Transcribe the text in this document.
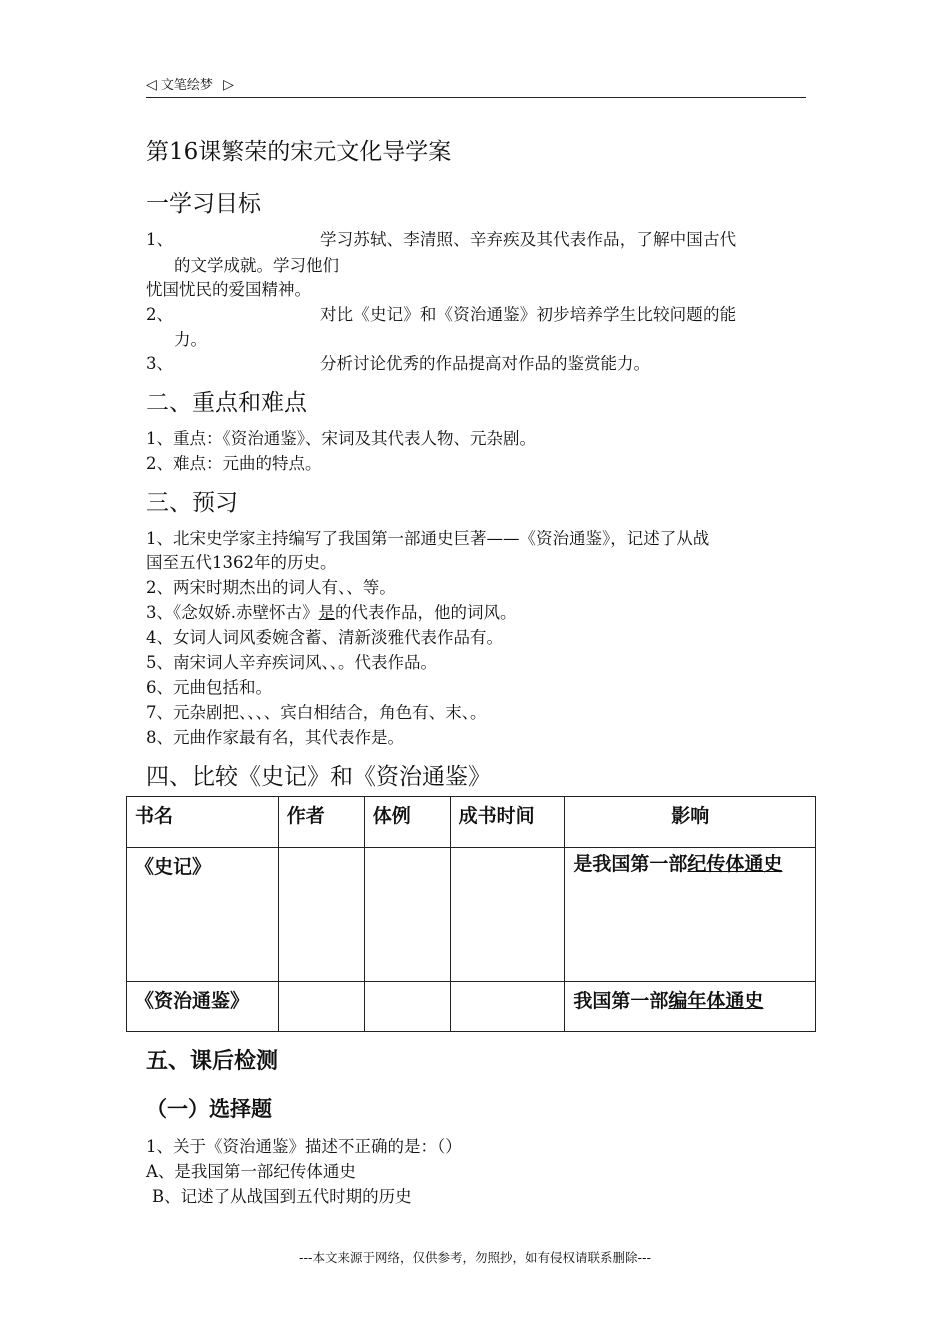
◁ 文笔绘梦 ▷
第16课繁荣的宋元文化导学案
一学习目标
1、	学习苏轼、李清照、辛弃疾及其代表作品，了解中国古代
的文学成就。学习他们
忧国忧民的爱国精神。
2、	对比《史记》和《资治通鉴》初步培养学生比较问题的能
力。
3、	分析讨论优秀的作品提高对作品的鉴赏能力。
二、重点和难点
1、重点：《资治通鉴》、宋词及其代表人物、元杂剧。
2、难点：元曲的特点。
三、预习
1、北宋史学家主持编写了我国第一部通史巨著——《资治通鉴》，记述了从战
国至五代1362年的历史。
2、两宋时期杰出的词人有、、等。
3、《念奴娇.赤壁怀古》是的代表作品，他的词风。
4、女词人词风委婉含蓄、清新淡雅代表作品有。
5、南宋词人辛弃疾词风、、。代表作品。
6、元曲包括和。
7、元杂剧把、、、、宾白相结合，角色有、末、。
8、元曲作家最有名，其代表作是。
四、比较《史记》和《资治通鉴》
书名	作者	体例	成书时间	影响
《史记》				是我国第一部纪传体通史
《资治通鉴》				我国第一部编年体通史
五、课后检测
（一）选择题
1、关于《资治通鉴》描述不正确的是：（）
A、是我国第一部纪传体通史
B、记述了从战国到五代时期的历史
---本文来源于网络，仅供参考，勿照抄，如有侵权请联系删除---
